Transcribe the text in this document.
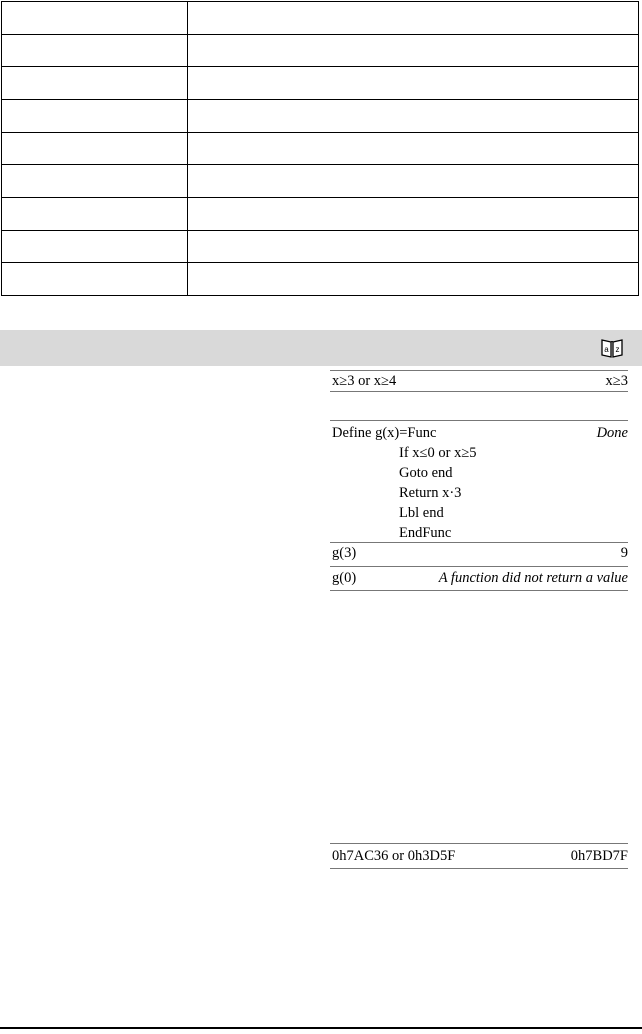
a z
x≥3 or x≥4	x≥3
Define g(x)=Func	Done
If x≤0 or x≥5
Goto end
Return x·3
Lbl end
EndFunc
g(3)	9
g(0)	A function did not return a value
0h7AC36 or 0h3D5F	0h7BD7F
